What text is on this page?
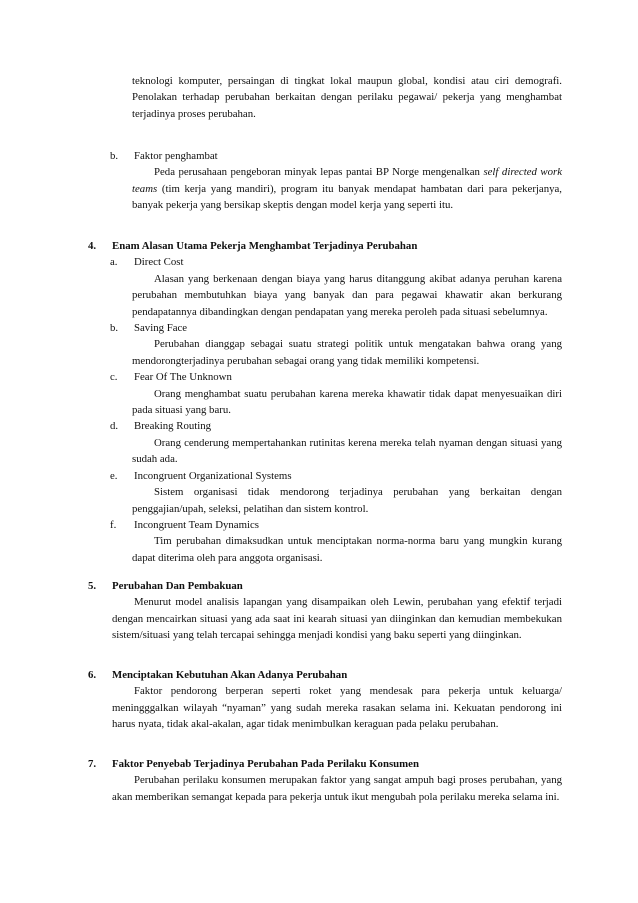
teknologi komputer, persaingan di tingkat lokal maupun global, kondisi atau ciri demografi. Penolakan terhadap perubahan berkaitan dengan perilaku pegawai/ pekerja yang menghambat terjadinya proses perubahan.
b. Faktor penghambat
Peda perusahaan pengeboran minyak lepas pantai BP Norge mengenalkan self directed work teams (tim kerja yang mandiri), program itu banyak mendapat hambatan dari para pekerjanya, banyak pekerja yang bersikap skeptis dengan model kerja yang seperti itu.
4. Enam Alasan Utama Pekerja Menghambat Terjadinya Perubahan
a. Direct Cost
Alasan yang berkenaan dengan biaya yang harus ditanggung akibat adanya peruhan karena perubahan membutuhkan biaya yang banyak dan para pegawai khawatir akan berkurang pendapatannya dibandingkan dengan pendapatan yang mereka peroleh pada situasi sebelumnya.
b. Saving Face
Perubahan dianggap sebagai suatu strategi politik untuk mengatakan bahwa orang yang mendorongterjadinya perubahan sebagai orang yang tidak memiliki kompetensi.
c. Fear Of The Unknown
Orang menghambat suatu perubahan karena mereka khawatir tidak dapat menyesuaikan diri pada situasi yang baru.
d. Breaking Routing
Orang cenderung mempertahankan rutinitas kerena mereka telah nyaman dengan situasi yang sudah ada.
e. Incongruent Organizational Systems
Sistem organisasi tidak mendorong terjadinya perubahan yang berkaitan dengan penggajian/upah, seleksi, pelatihan dan sistem kontrol.
f. Incongruent Team Dynamics
Tim perubahan dimaksudkan untuk menciptakan norma-norma baru yang mungkin kurang dapat diterima oleh para anggota organisasi.
5. Perubahan Dan Pembakuan
Menurut model analisis lapangan yang disampaikan oleh Lewin, perubahan yang efektif terjadi dengan mencairkan situasi yang ada saat ini kearah situasi yan diinginkan dan kemudian membekukan sistem/situasi yang telah tercapai sehingga menjadi kondisi yang baku seperti yang diinginkan.
6. Menciptakan Kebutuhan Akan Adanya Perubahan
Faktor pendorong berperan seperti roket yang mendesak para pekerja untuk keluarga/ meningggalkan wilayah “nyaman” yang sudah mereka rasakan selama ini. Kekuatan pendorong ini harus nyata, tidak akal-akalan, agar tidak menimbulkan keraguan pada pelaku perubahan.
7. Faktor Penyebab Terjadinya Perubahan Pada Perilaku Konsumen
Perubahan perilaku konsumen merupakan faktor yang sangat ampuh bagi proses perubahan, yang akan memberikan semangat kepada para pekerja untuk ikut mengubah pola perilaku mereka selama ini.
